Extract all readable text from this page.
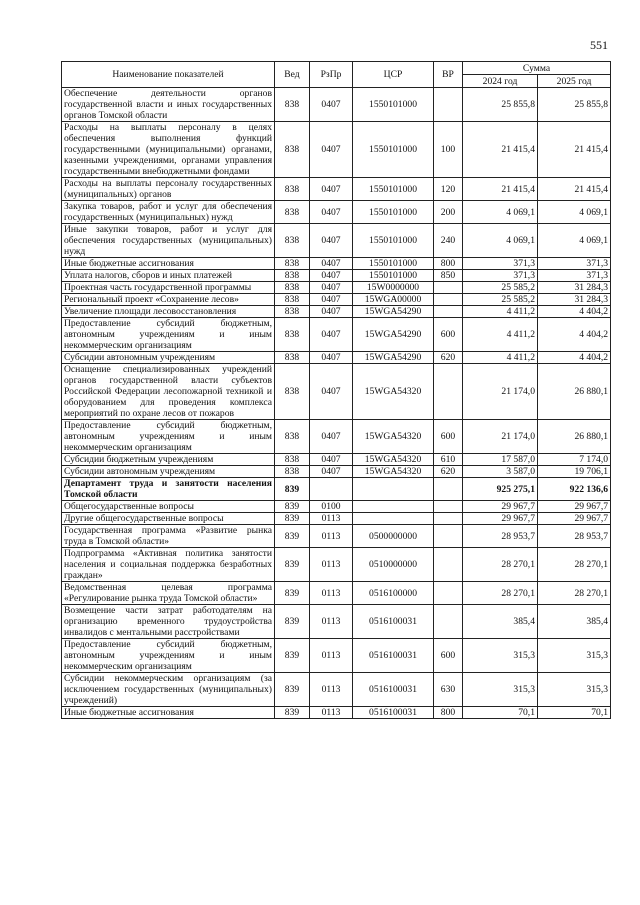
551
Наименование показателей	Вед	РзПр	ЦСР	ВР	Сумма	
					2024 год	2025 год
Обеспечение деятельности органов государственной власти и иных государственных органов Томской области	838	0407	1550101000		25 855,8	25 855,8
Расходы на выплаты персоналу в целях обеспечения выполнения функций государственными (муниципальными) органами, казенными учреждениями, органами управления государственными внебюджетными фондами	838	0407	1550101000	100	21 415,4	21 415,4
Расходы на выплаты персоналу государственных (муниципальных) органов	838	0407	1550101000	120	21 415,4	21 415,4
Закупка товаров, работ и услуг для обеспечения государственных (муниципальных) нужд	838	0407	1550101000	200	4 069,1	4 069,1
Иные закупки товаров, работ и услуг для обеспечения государственных (муниципальных) нужд	838	0407	1550101000	240	4 069,1	4 069,1
Иные бюджетные ассигнования	838	0407	1550101000	800	371,3	371,3
Уплата налогов, сборов и иных платежей	838	0407	1550101000	850	371,3	371,3
Проектная часть государственной программы	838	0407	15W0000000		25 585,2	31 284,3
Региональный проект «Сохранение лесов»	838	0407	15WGA00000		25 585,2	31 284,3
Увеличение площади лесовосстановления	838	0407	15WGA54290		4 411,2	4 404,2
Предоставление субсидий бюджетным, автономным учреждениям и иным некоммерческим организациям	838	0407	15WGA54290	600	4 411,2	4 404,2
Субсидии автономным учреждениям	838	0407	15WGA54290	620	4 411,2	4 404,2
Оснащение специализированных учреждений органов государственной власти субъектов Российской Федерации лесопожарной техникой и оборудованием для проведения комплекса мероприятий по охране лесов от пожаров	838	0407	15WGA54320		21 174,0	26 880,1
Предоставление субсидий бюджетным, автономным учреждениям и иным некоммерческим организациям	838	0407	15WGA54320	600	21 174,0	26 880,1
Субсидии бюджетным учреждениям	838	0407	15WGA54320	610	17 587,0	7 174,0
Субсидии автономным учреждениям	838	0407	15WGA54320	620	3 587,0	19 706,1
Департамент труда и занятости населения Томской области	839				925 275,1	922 136,6
Общегосударственные вопросы	839	0100			29 967,7	29 967,7
Другие общегосударственные вопросы	839	0113			29 967,7	29 967,7
Государственная программа «Развитие рынка труда в Томской области»	839	0113	0500000000		28 953,7	28 953,7
Подпрограмма «Активная политика занятости населения и социальная поддержка безработных граждан»	839	0113	0510000000		28 270,1	28 270,1
Ведомственная целевая программа «Регулирование рынка труда Томской области»	839	0113	0516100000		28 270,1	28 270,1
Возмещение части затрат работодателям на организацию временного трудоустройства инвалидов с ментальными расстройствами	839	0113	0516100031		385,4	385,4
Предоставление субсидий бюджетным, автономным учреждениям и иным некоммерческим организациям	839	0113	0516100031	600	315,3	315,3
Субсидии некоммерческим организациям (за исключением государственных (муниципальных) учреждений)	839	0113	0516100031	630	315,3	315,3
Иные бюджетные ассигнования	839	0113	0516100031	800	70,1	70,1
